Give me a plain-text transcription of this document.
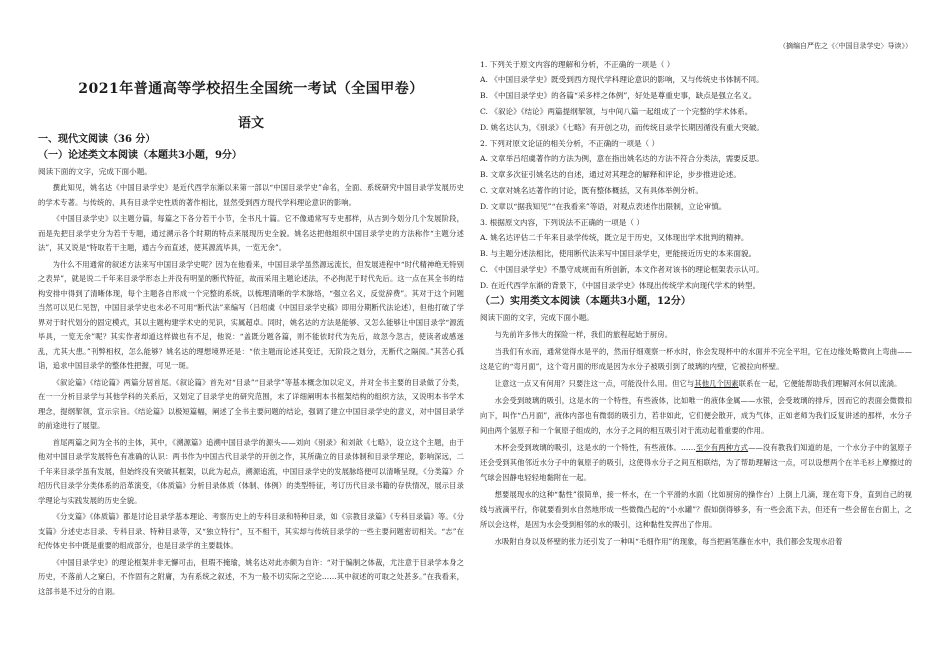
2021年普通高等学校招生全国统一考试（全国甲卷）
语文

一、现代文阅读（36 分）

（一）论述类文本阅读（本题共3小题，9分）

阅读下面的文字，完成下面小题。

撰此知见，姚名达《中国目录学史》是近代西学东渐以来第一部以“中国目录学史”命名，全面、系统研究中国目录学发展历史的学术专著。与传统的、具有目录学史性质的著作相比，显然受到西方现代学科理论意识的影响。

《中国目录学史》以主题分篇，每篇之下各分若干小节，全书凡十篇。它不像通常写专史那样，从古到今划分几个发展阶段，而是先把目录学史分为若干专题，通过溯示各个时期的特点来展现历史全貌。姚名达把他组织中国目录学史的方法称作“主题分述法”，其又说是“特取若干主题，通古今而直述，使其源流毕具，一览无余”。

为什么不用通常的叙述方法来写中国目录学史呢？因为在他看来，中国目录学虽然源远流长，但发展进程中“时代精神绝无特别之表异”，就是说二千年来目录学形态上并没有明显的断代特征，故而采用主题论述法，不必拘泥于时代先后。这一点在其全书的结构安排中得到了清晰体现，每个主题各自形成一个完整的系统，以梳理清晰的学术脉络，“强立名义，反觉辞费”。其对于这个问题当然可以见仁见智，中国目录学史也未必不可用“断代法”来编写（吕绍虞《中国目录学史稿》即用分期断代法论述），但他打破了学界对于时代划分的固定模式，其以主题构建学术史的见识，实属超卓。同时，姚名达的方法是能够、又怎么能够让中国目录学“源流毕具，一览无余”呢？其实作者却道这样做也有不足，他说：“盖既分题各篇，则不能依时代为先后，故忽今忽古，使读者或感迷乱，尤其大患。”刊弊相权，怎么能够？姚名达的理想境界还是：“依主题而论述其变迁，无阶段之划分，无断代之隔阂。”其苦心孤诣，追求中国目录学的整体性把握，可见一斑。

《叙论篇》《结论篇》两篇分居首尾。《叙论篇》首先对“目录”“目录学”等基本概念加以定义，并对全书主要的目录做了分类，在一一分析目录学与其他学科的关系后，又划定了目录学史的研究范围，末了详细阐明本书框架结构的组织方法，又说明本书学术理念，提纲挈领，宣示宗旨。《结论篇》以极短篇幅，阐述了全书主要问题的结论，强调了建立中国目录学史的意义，对中国目录学的前途进行了展望。

首尾两篇之间为全书的主体，其中，《溯源篇》追溯中国目录学的源头——刘向《别录》和刘歆《七略》，设立这个主题，由于他对中国目录学发展特色有准确的认识：两书作为中国古代目录学的开创之作，其所确立的目录体制和目录学理论，影响深远，二千年来目录学虽有发展，但始终没有突破其框架，以此为起点，溯源追流，中国目录学史的发展脉络便可以清晰呈现，《分类篇》介绍历代目录学分类体系的沿革演变，《体质篇》分析目录体质（体制、体例）的类型特征，考订历代目录书籍的存佚情况，展示目录学理论与实践发展的历史全貌。

《分支篇》《体质篇》都是讨论目录学基本理论、考察历史上的专科目录和特种目录，如《宗教目录篇》《专科目录篇》等。《分支篇》分述史志目录、专科目录、特种目录等，又“独立特行”，互不相干，其实却与传统目录学的一些主要问题密切相关。“志”在纪传体史书中既是重要的组成部分，也是目录学的主要载体。

《中国目录学史》的理论框架并非无懈可击，但瑕不掩瑜，姚名达对此亦颇为自许：“对于编制之体裁，尤注意于目录学本身之历史，不落前人之窠臼，不作固有之附庸，为有系统之叙述，不为一般不切实际之空论……其中叙述的可取之处甚多。”在我看来，这部书是不过分的自诩。

（摘编自严佐之《〈中国目录学史〉导读》）

1. 下列关于原文内容的理解和分析，不正确的一项是（ ）

A. 《中国目录学史》既受到西方现代学科理论意识的影响，又与传统史书体制不同。

B. 《中国目录学史》的各篇“采多样之体例”，好处是尊重史事，缺点是强立名义。

C. 《叙论》《结论》两篇提纲挈领，与中间八篇一起组成了一个完整的学术体系。

D. 姚名达认为，《别录》《七略》有开创之功，而传统目录学长期因循没有重大突破。

2. 下列对原文论证的相关分析，不正确的一项是（ ）

A. 文章举吕绍虞著作的方法为例，意在指出姚名达的方法不符合分类法，需要反思。

B. 文章多次征引姚名达的自述，通过对其理念的解释和评论，步步推进论述。

C. 文章对姚名达著作的讨论，既有整体概括，又有具体举例分析。

D. 文章以“据我知见”“在我看来”等语，对观点表述作出限制，立论审慎。

3. 根据原文内容，下列说法不正确的一项是（ ）

A. 姚名达评估二千年来目录学传统，既立足于历史，又体现出学术批判的精神。

B. 与主题分述法相比，使用断代法来写中国目录学史，更能接近历史的本来面貌。

C. 《中国目录学史》不墨守成规而有所创新，本文作者对该书的理论框架表示认可。

D. 在近代西学东渐的背景下，《中国目录学史》体现出传统学术向现代学术的转型。

（二）实用类文本阅读（本题共3小题，12分）

阅读下面的文字，完成下面小题。

与先前许多伟大的探险一样，我们的旅程起始于厨房。

当我们有水而，通常觉得水是平的，然而仔细观察一杯水时，你会发现杯中的水面并不完全平坦，它在边缘处略微向上弯曲——这是它的“弯月面”，这个弯月面的形成是因为水分子被吸引到了玻璃的内壁，它被拉向杯壁。

让意这一点又有何用？只要注这一点，可能没什么用。但它与其他几个因素联系在一起，它便能帮助我们理解河水何以流淌。

水会受到玻璃的吸引，这是水的一个特性，有些液体，比如唯一的液体金属——水银，会受玻璃的排斥，因而它的表面会微微扣向下，叫作“凸月面”，液体内部也有微弱的吸引力，若非如此，它们便会散开，成为气体，正如老师为我们反复讲述的那样，水分子间由两个氢原子和一个氧原子组成的，水分子之间的相互吸引对于流动起着重要的作用。

木杯会受到玻璃的吸引，这是水的一个特性，有些液体。……至少有两种方式——没有教我们知道的是，一个水分子中的氢原子还会受到其他邻近水分子中的氧原子的吸引，这使得水分子之间互相联结，为了帮助理解这一点，可以设想两个在羊毛衫上摩擦过的气球会因静电轻轻地黏附在一起。

想要展现水的这种“黏性”很简单，接一杯水，在一个平滑的水面（比如厨房的操作台）上倒上几滴，现在弯下身，直到自己的视线与液滴平行，你就要看到水自然地形成一些微微凸起的“小水罐”？假如倒得够多，有一些会流下去，但还有一些会留在台面上，之所以会这样，是因为水会受到相邻的水的吸引，这种黏性发挥出了作用。

水吸附自身以及杯壁的张力还引发了一种叫“毛细作用”的现象，每当把画笔蘸在水中，我们都会发现水沿着
